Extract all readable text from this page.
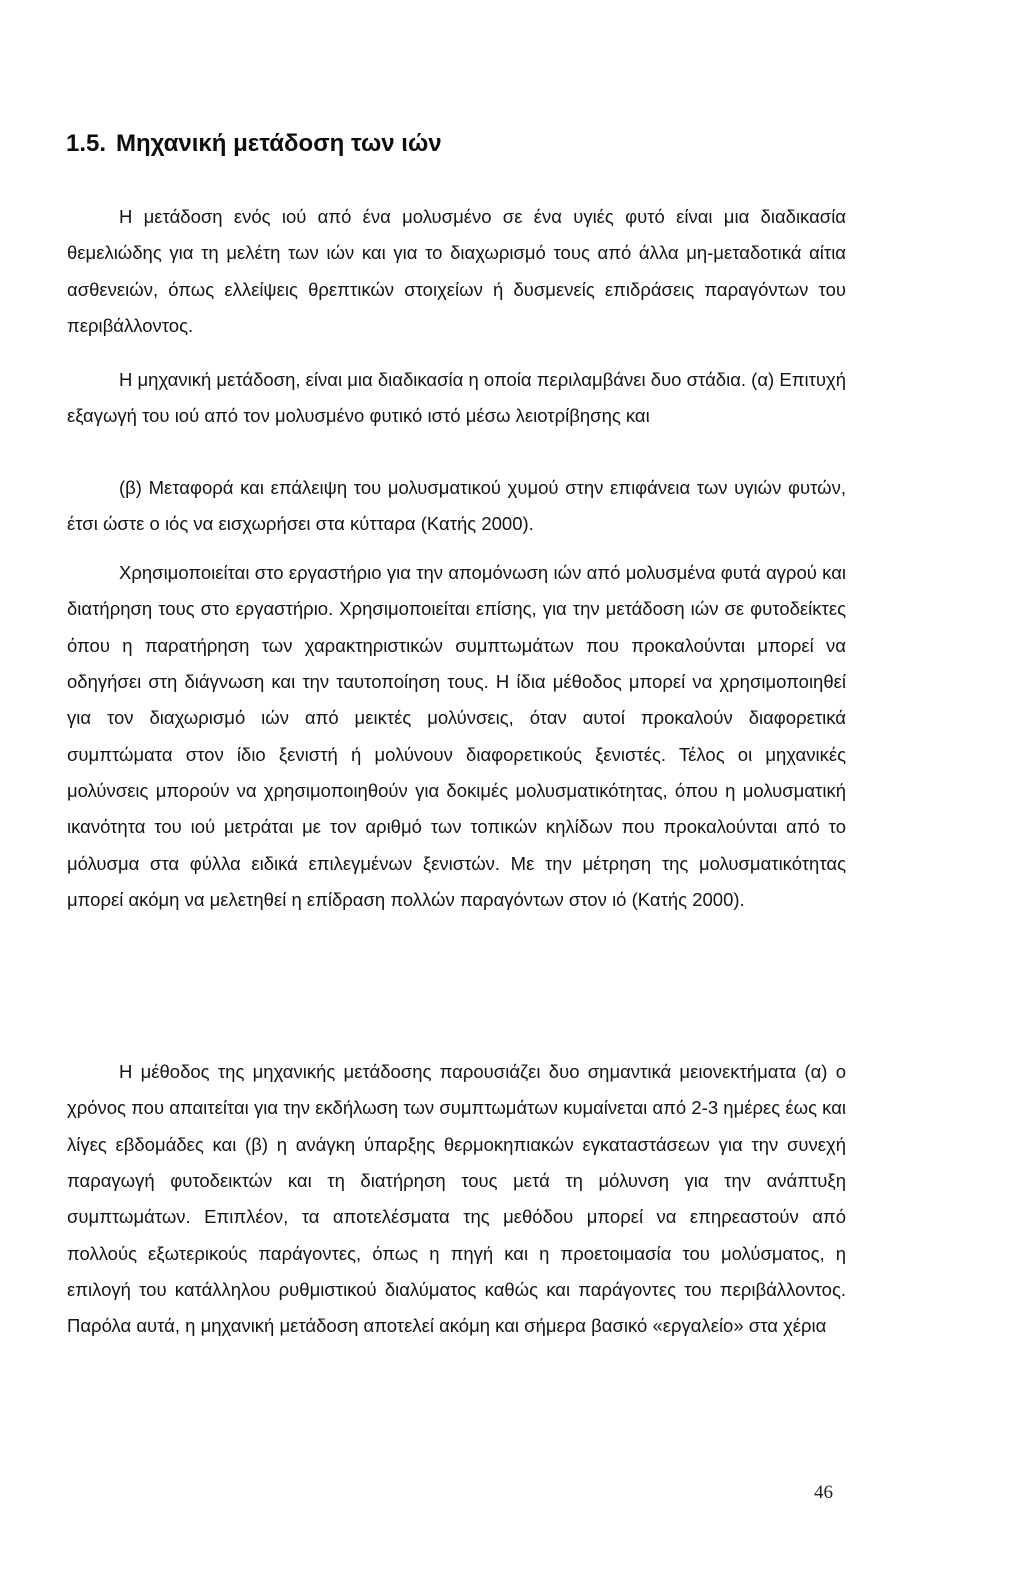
1.5. Μηχανική μετάδοση των ιών

Η μετάδοση ενός ιού από ένα μολυσμένο σε ένα υγιές φυτό είναι μια διαδικασία θεμελιώδης για τη μελέτη των ιών και για το διαχωρισμό τους από άλλα μη-μεταδοτικά αίτια ασθενειών, όπως ελλείψεις θρεπτικών στοιχείων ή δυσμενείς επιδράσεις παραγόντων του περιβάλλοντος.

Η μηχανική μετάδοση, είναι μια διαδικασία η οποία περιλαμβάνει δυο στάδια. (α) Επιτυχή εξαγωγή του ιού από τον μολυσμένο φυτικό ιστό μέσω λειοτρίβησης και

(β) Μεταφορά και επάλειψη του μολυσματικού χυμού στην επιφάνεια των υγιών φυτών, έτσι ώστε ο ιός να εισχωρήσει στα κύτταρα (Κατής 2000).

Χρησιμοποιείται στο εργαστήριο για την απομόνωση ιών από μολυσμένα φυτά αγρού και διατήρηση τους στο εργαστήριο. Χρησιμοποιείται επίσης, για την μετάδοση ιών σε φυτοδείκτες όπου η παρατήρηση των χαρακτηριστικών συμπτωμάτων που προκαλούνται μπορεί να οδηγήσει στη διάγνωση και την ταυτοποίηση τους. Η ίδια μέθοδος μπορεί να χρησιμοποιηθεί για τον διαχωρισμό ιών από μεικτές μολύνσεις, όταν αυτοί προκαλούν διαφορετικά συμπτώματα στον ίδιο ξενιστή ή μολύνουν διαφορετικούς ξενιστές. Τέλος οι μηχανικές μολύνσεις μπορούν να χρησιμοποιηθούν για δοκιμές μολυσματικότητας, όπου η μολυσματική ικανότητα του ιού μετράται με τον αριθμό των τοπικών κηλίδων που προκαλούνται από το μόλυσμα στα φύλλα ειδικά επιλεγμένων ξενιστών. Με την μέτρηση της μολυσματικότητας μπορεί ακόμη να μελετηθεί η επίδραση πολλών παραγόντων στον ιό (Κατής 2000).

Η μέθοδος της μηχανικής μετάδοσης παρουσιάζει δυο σημαντικά μειονεκτήματα (α) ο χρόνος που απαιτείται για την εκδήλωση των συμπτωμάτων κυμαίνεται από 2-3 ημέρες έως και λίγες εβδομάδες και (β) η ανάγκη ύπαρξης θερμοκηπιακών εγκαταστάσεων για την συνεχή παραγωγή φυτοδεικτών και τη διατήρηση τους μετά τη μόλυνση για την ανάπτυξη συμπτωμάτων. Επιπλέον, τα αποτελέσματα της μεθόδου μπορεί να επηρεαστούν από πολλούς εξωτερικούς παράγοντες, όπως η πηγή και η προετοιμασία του μολύσματος, η επιλογή του κατάλληλου ρυθμιστικού διαλύματος καθώς και παράγοντες του περιβάλλοντος. Παρόλα αυτά, η μηχανική μετάδοση αποτελεί ακόμη και σήμερα βασικό «εργαλείο» στα χέρια

46
